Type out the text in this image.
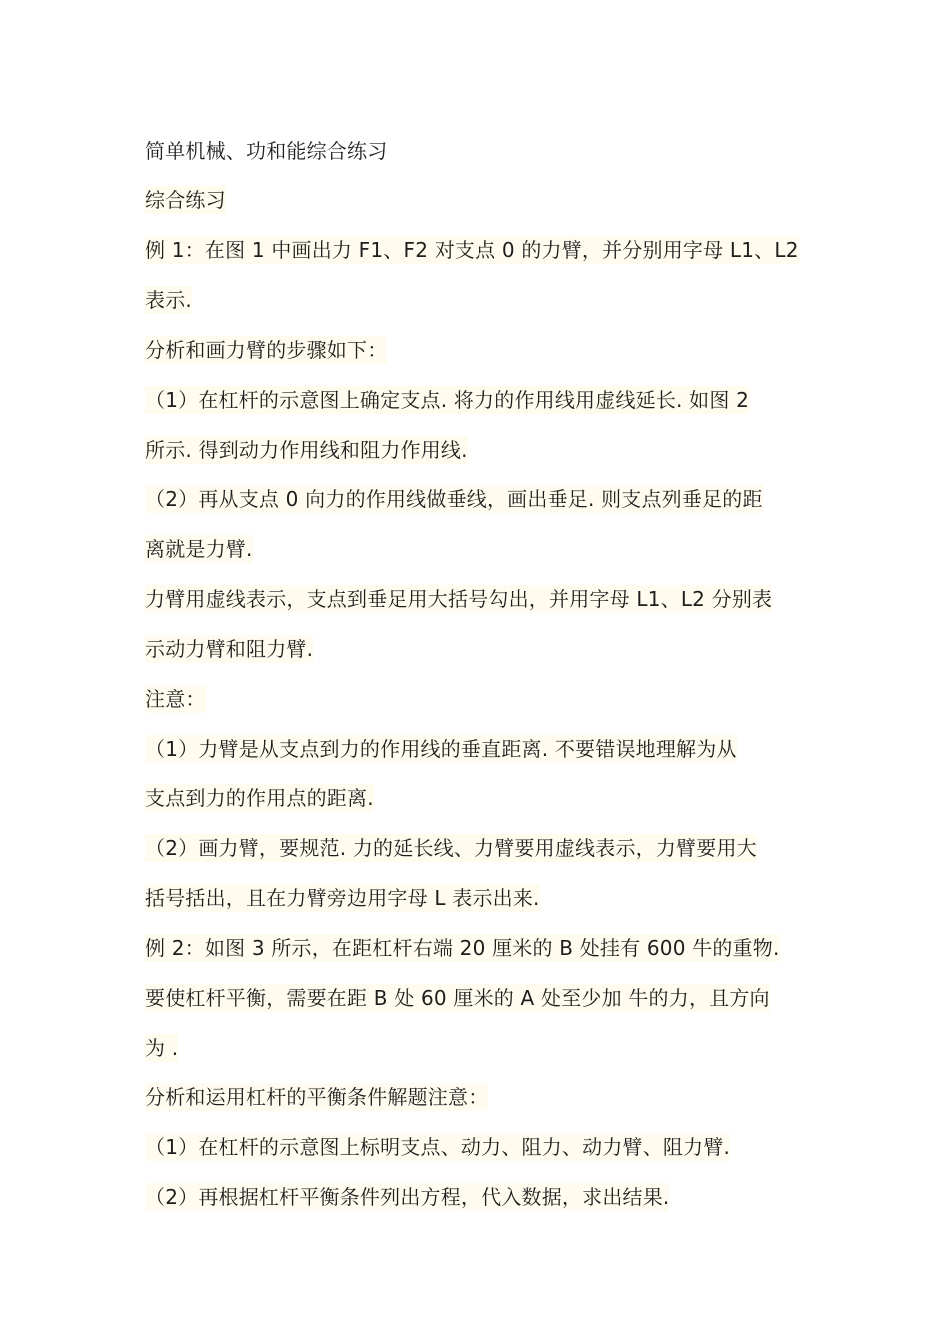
简单机械、功和能综合练习
综合练习
例 1：在图 1 中画出力 F1、F2 对支点 0 的力臂，并分别用字母 L1、L2
表示.
分析和画力臂的步骤如下：
（1）在杠杆的示意图上确定支点. 将力的作用线用虚线延长. 如图 2
所示. 得到动力作用线和阻力作用线.
（2）再从支点 0 向力的作用线做垂线，画出垂足. 则支点列垂足的距
离就是力臂.
力臂用虚线表示，支点到垂足用大括号勾出，并用字母 L1、L2 分别表
示动力臂和阻力臂.
注意：
（1）力臂是从支点到力的作用线的垂直距离. 不要错误地理解为从
支点到力的作用点的距离.
（2）画力臂，要规范. 力的延长线、力臂要用虚线表示，力臂要用大
括号括出，且在力臂旁边用字母 L 表示出来.
例 2：如图 3 所示，在距杠杆右端 20 厘米的 B 处挂有 600 牛的重物.
要使杠杆平衡，需要在距 B 处 60 厘米的 A 处至少加 牛的力，且方向
为 .
分析和运用杠杆的平衡条件解题注意：
（1）在杠杆的示意图上标明支点、动力、阻力、动力臂、阻力臂.
（2）再根据杠杆平衡条件列出方程，代入数据，求出结果.
